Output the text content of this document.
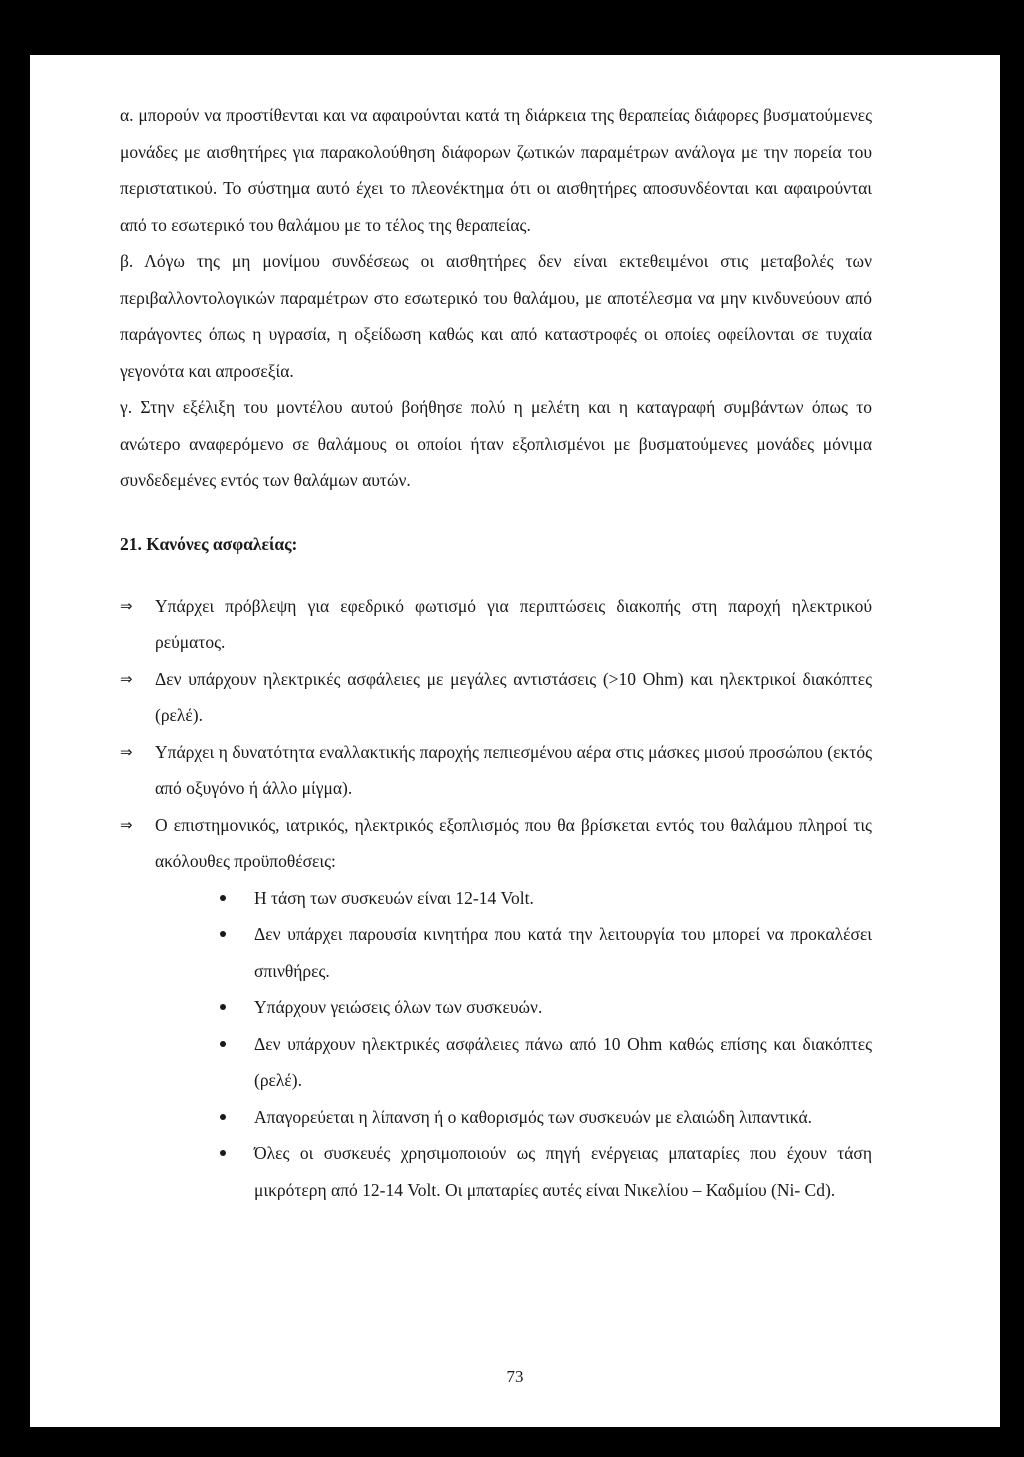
α. μπορούν να προστίθενται και να αφαιρούνται κατά τη διάρκεια της θεραπείας διάφορες βυσματούμενες μονάδες με αισθητήρες για παρακολούθηση διάφορων ζωτικών παραμέτρων ανάλογα με την πορεία του περιστατικού. Το σύστημα αυτό έχει το πλεονέκτημα ότι οι αισθητήρες αποσυνδέονται και αφαιρούνται από το εσωτερικό του θαλάμου με το τέλος της θεραπείας.

β. Λόγω της μη μονίμου συνδέσεως οι αισθητήρες δεν είναι εκτεθειμένοι στις μεταβολές των περιβαλλοντολογικών παραμέτρων στο εσωτερικό του θαλάμου, με αποτέλεσμα να μην κινδυνεύουν από παράγοντες όπως η υγρασία, η οξείδωση καθώς και από καταστροφές οι οποίες οφείλονται σε τυχαία γεγονότα και απροσεξία.

γ. Στην εξέλιξη του μοντέλου αυτού βοήθησε πολύ η μελέτη και η καταγραφή συμβάντων όπως το ανώτερο αναφερόμενο σε θαλάμους οι οποίοι ήταν εξοπλισμένοι με βυσματούμενες μονάδες μόνιμα συνδεδεμένες εντός των θαλάμων αυτών.

21. Κανόνες ασφαλείας:
⇒	Υπάρχει πρόβλεψη για εφεδρικό φωτισμό για περιπτώσεις διακοπής στη παροχή ηλεκτρικού ρεύματος.
⇒	Δεν υπάρχουν ηλεκτρικές ασφάλειες με μεγάλες αντιστάσεις (>10 Ohm) και ηλεκτρικοί διακόπτες (ρελέ).
⇒	Υπάρχει η δυνατότητα εναλλακτικής παροχής πεπιεσμένου αέρα στις μάσκες μισού προσώπου (εκτός από οξυγόνο ή άλλο μίγμα).
⇒	Ο επιστημονικός, ιατρικός, ηλεκτρικός εξοπλισμός που θα βρίσκεται εντός του θαλάμου πληροί τις ακόλουθες προϋποθέσεις:
Η τάση των συσκευών είναι 12-14 Volt.
Δεν υπάρχει παρουσία κινητήρα που κατά την λειτουργία του μπορεί να προκαλέσει σπινθήρες.
Υπάρχουν γειώσεις όλων των συσκευών.
Δεν υπάρχουν ηλεκτρικές ασφάλειες πάνω από 10 Ohm καθώς επίσης και διακόπτες (ρελέ).
Απαγορεύεται η λίπανση ή ο καθορισμός των συσκευών με ελαιώδη λιπαντικά.
Όλες οι συσκευές χρησιμοποιούν ως πηγή ενέργειας μπαταρίες που έχουν τάση μικρότερη από 12-14 Volt. Οι μπαταρίες αυτές είναι Νικελίου – Καδμίου (Ni- Cd).
73
